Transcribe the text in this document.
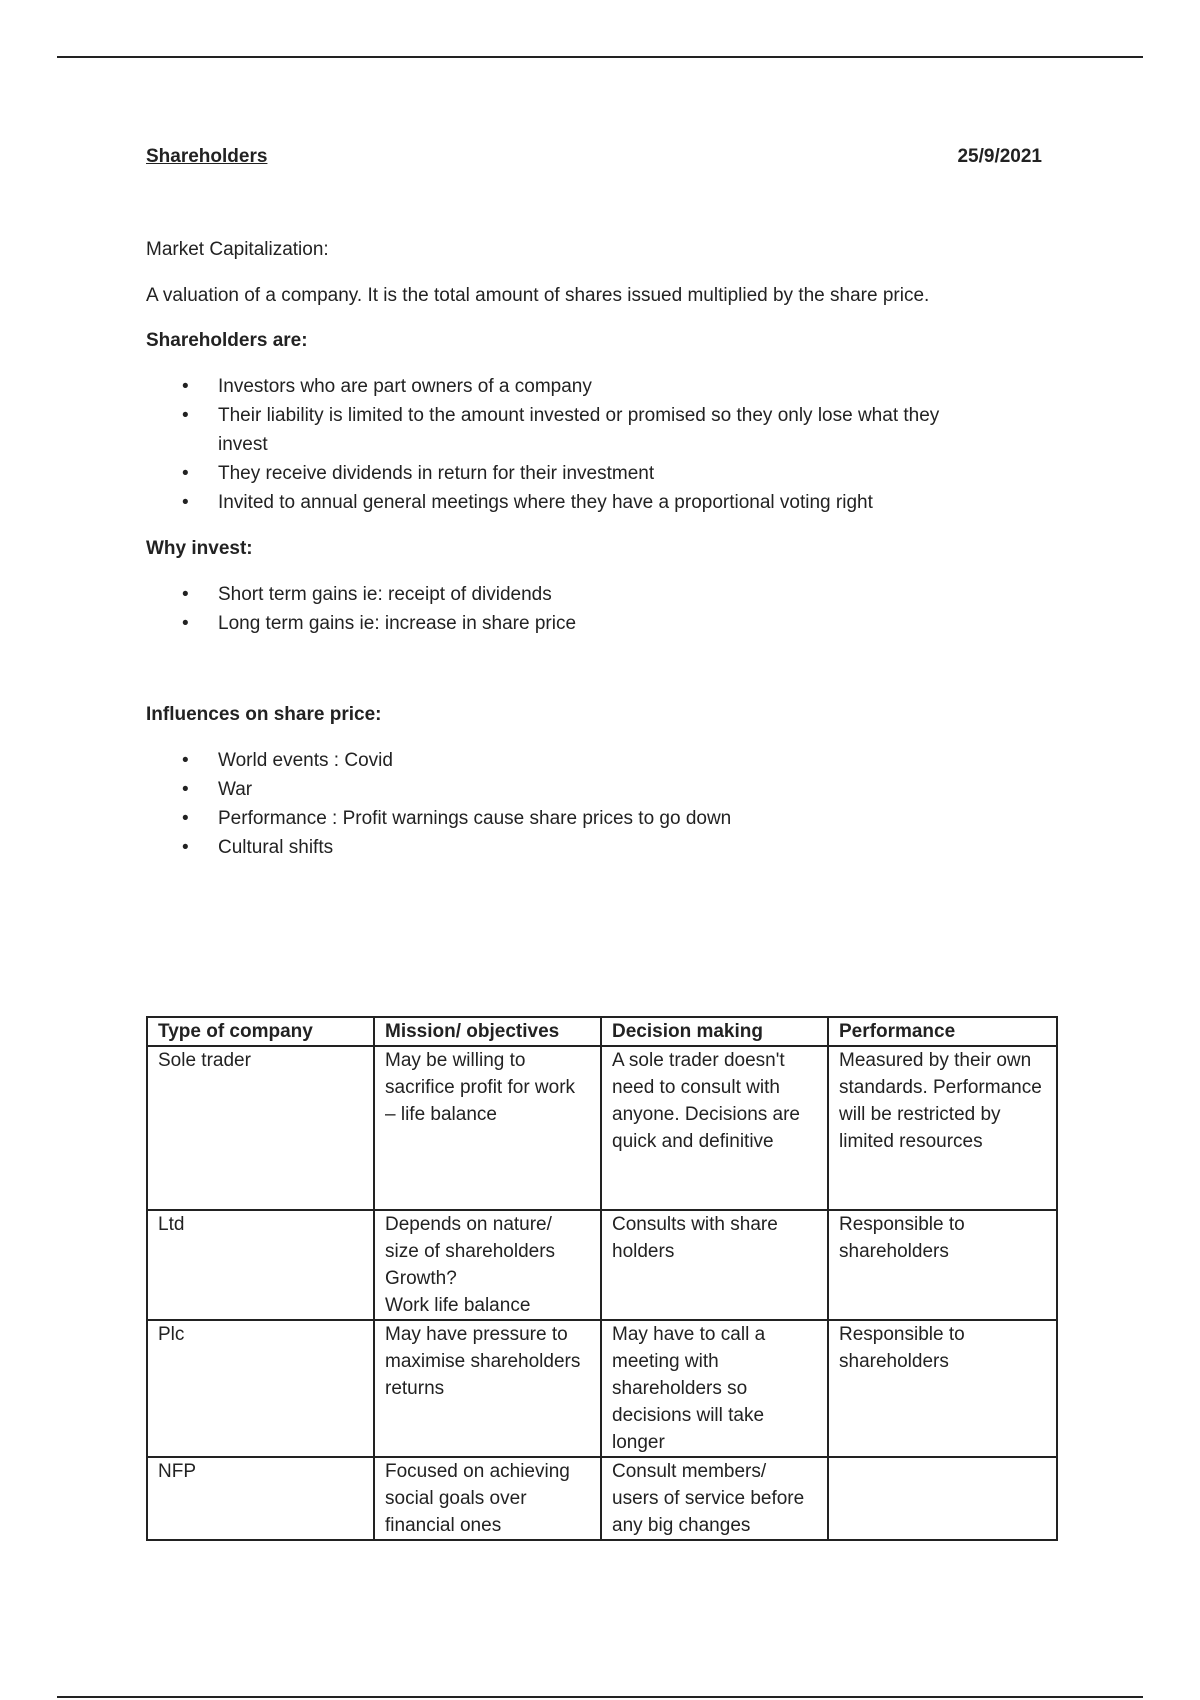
Shareholders	25/9/2021
Market Capitalization:
A valuation of a company. It is the total amount of shares issued multiplied by the share price.
Shareholders are:
• Investors who are part owners of a company
• Their liability is limited to the amount invested or promised so they only lose what they invest
• They receive dividends in return for their investment
• Invited to annual general meetings where they have a proportional voting right
Why invest:
• Short term gains ie: receipt of dividends
• Long term gains ie: increase in share price
Influences on share price:
• World events : Covid
• War
• Performance : Profit warnings cause share prices to go down
• Cultural shifts
Type of company	Mission/ objectives	Decision making	Performance
Sole trader	May be willing to sacrifice profit for work – life balance	A sole trader doesn't need to consult with anyone. Decisions are quick and definitive	Measured by their own standards. Performance will be restricted by limited resources
Ltd	Depends on nature/ size of shareholders
Growth?
Work life balance	Consults with share holders	Responsible to shareholders
Plc	May have pressure to maximise shareholders returns	May have to call a meeting with shareholders so decisions will take longer	Responsible to shareholders
NFP	Focused on achieving social goals over financial ones	Consult members/ users of service before any big changes	
